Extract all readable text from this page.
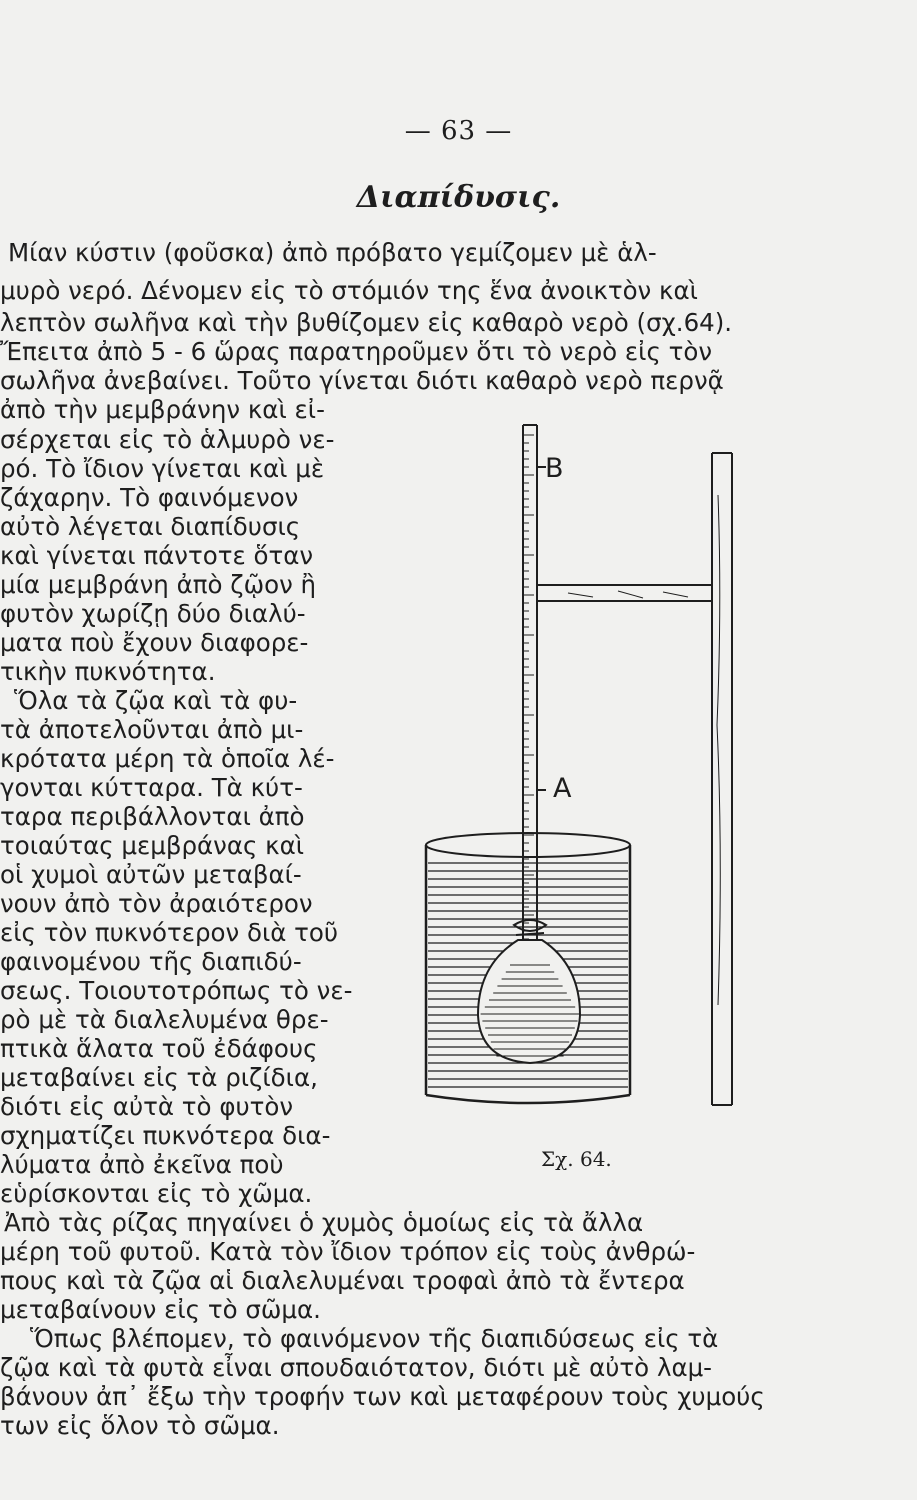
— 63 —
Διαπίδυσις.
Μίαν κύστιν (φοῦσκα) ἀπὸ πρόβατο γεμίζομεν μὲ ἁλ-
μυρὸ νερό. Δένομεν εἰς τὸ στόμιόν της ἕνα ἀνοικτὸν καὶ
λεπτὸν σωλῆνα καὶ τὴν βυθίζομεν εἰς καθαρὸ νερὸ (σχ.64).
Ἔπειτα ἀπὸ 5 - 6 ὥρας παρατηροῦμεν ὅτι τὸ νερὸ εἰς τὸν
σωλῆνα ἀνεβαίνει. Τοῦτο γίνεται διότι καθαρὸ νερὸ περνᾷ
ἀπὸ τὴν μεμβράνην καὶ εἰ-
σέρχεται εἰς τὸ ἁλμυρὸ νε-
ρό. Τὸ ἴδιον γίνεται καὶ μὲ
ζάχαρην. Τὸ φαινόμενον
αὐτὸ λέγεται διαπίδυσις
καὶ γίνεται πάντοτε ὅταν
μία μεμβράνη ἀπὸ ζῷον ἢ
φυτὸν χωρίζῃ δύο διαλύ-
ματα ποὺ ἔχουν διαφορε-
τικὴν πυκνότητα.
Ὅλα τὰ ζῷα καὶ τὰ φυ-
τὰ ἀποτελοῦνται ἀπὸ μι-
κρότατα μέρη τὰ ὁποῖα λέ-
γονται κύτταρα. Τὰ κύτ-
ταρα περιβάλλονται ἀπὸ
τοιαύτας μεμβράνας καὶ
οἱ χυμοὶ αὐτῶν μεταβαί-
νουν ἀπὸ τὸν ἀραιότερον
εἰς τὸν πυκνότερον διὰ τοῦ
φαινομένου τῆς διαπιδύ-
σεως. Τοιουτοτρόπως τὸ νε-
ρὸ μὲ τὰ διαλελυμένα θρε-
πτικὰ ἅλατα τοῦ ἐδάφους
μεταβαίνει εἰς τὰ ριζίδια,
διότι εἰς αὐτὰ τὸ φυτὸν
σχηματίζει πυκνότερα δια-
λύματα ἀπὸ ἐκεῖνα ποὺ
εὑρίσκονται εἰς τὸ χῶμα.
Ἀπὸ τὰς ρίζας πηγαίνει ὁ χυμὸς ὁμοίως εἰς τὰ ἄλλα
μέρη τοῦ φυτοῦ. Κατὰ τὸν ἴδιον τρόπον εἰς τοὺς ἀνθρώ-
πους καὶ τὰ ζῷα αἱ διαλελυμέναι τροφαὶ ἀπὸ τὰ ἔντερα
μεταβαίνουν εἰς τὸ σῶμα.
Ὅπως βλέπομεν, τὸ φαινόμενον τῆς διαπιδύσεως εἰς τὰ
ζῷα καὶ τὰ φυτὰ εἶναι σπουδαιότατον, διότι μὲ αὐτὸ λαμ-
βάνουν ἀπ᾽ ἔξω τὴν τροφήν των καὶ μεταφέρουν τοὺς χυμούς
των εἰς ὅλον τὸ σῶμα.
B
A
Σχ. 64.
